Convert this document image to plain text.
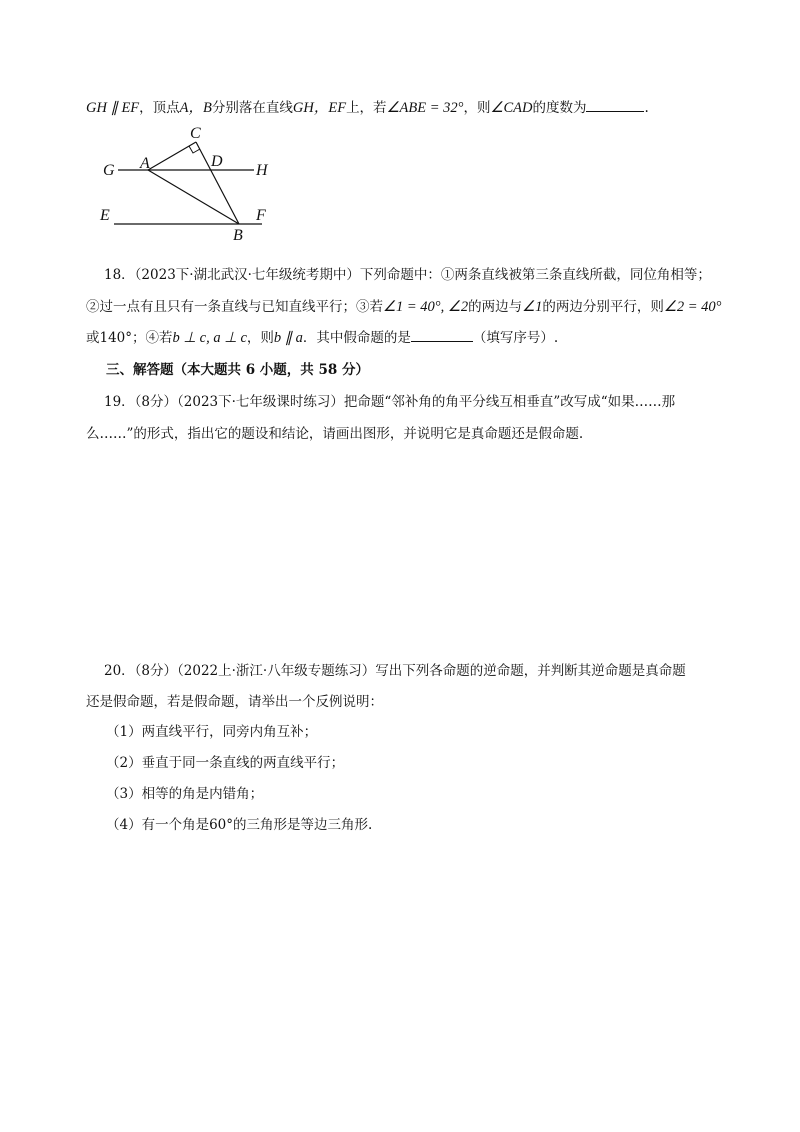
GH ∥ EF，顶点A，B分别落在直线GH，EF上，若∠ABE = 32°，则∠CAD的度数为	.
C
G A	D
H
E	F
B
18．（2023下·湖北武汉·七年级统考期中）下列命题中：①两条直线被第三条直线所截，同位角相等；
②过一点有且只有一条直线与已知直线平行；③若∠1 = 40°, ∠2的两边与∠1的两边分别平行，则∠2 = 40°
或140°；④若b ⊥ c, a ⊥ c，则b ∥ a．其中假命题的是	（填写序号）.
三、解答题（本大题共 6 小题，共 58 分）
19．（8分）（2023下·七年级课时练习）把命题“邻补角的角平分线互相垂直”改写成“如果……那
么……”的形式，指出它的题设和结论，请画出图形，并说明它是真命题还是假命题.
20．（8分）（2022上·浙江·八年级专题练习）写出下列各命题的逆命题，并判断其逆命题是真命题
还是假命题，若是假命题，请举出一个反例说明：
（1）两直线平行，同旁内角互补；
（2）垂直于同一条直线的两直线平行；
（3）相等的角是内错角；
（4）有一个角是60°的三角形是等边三角形.
